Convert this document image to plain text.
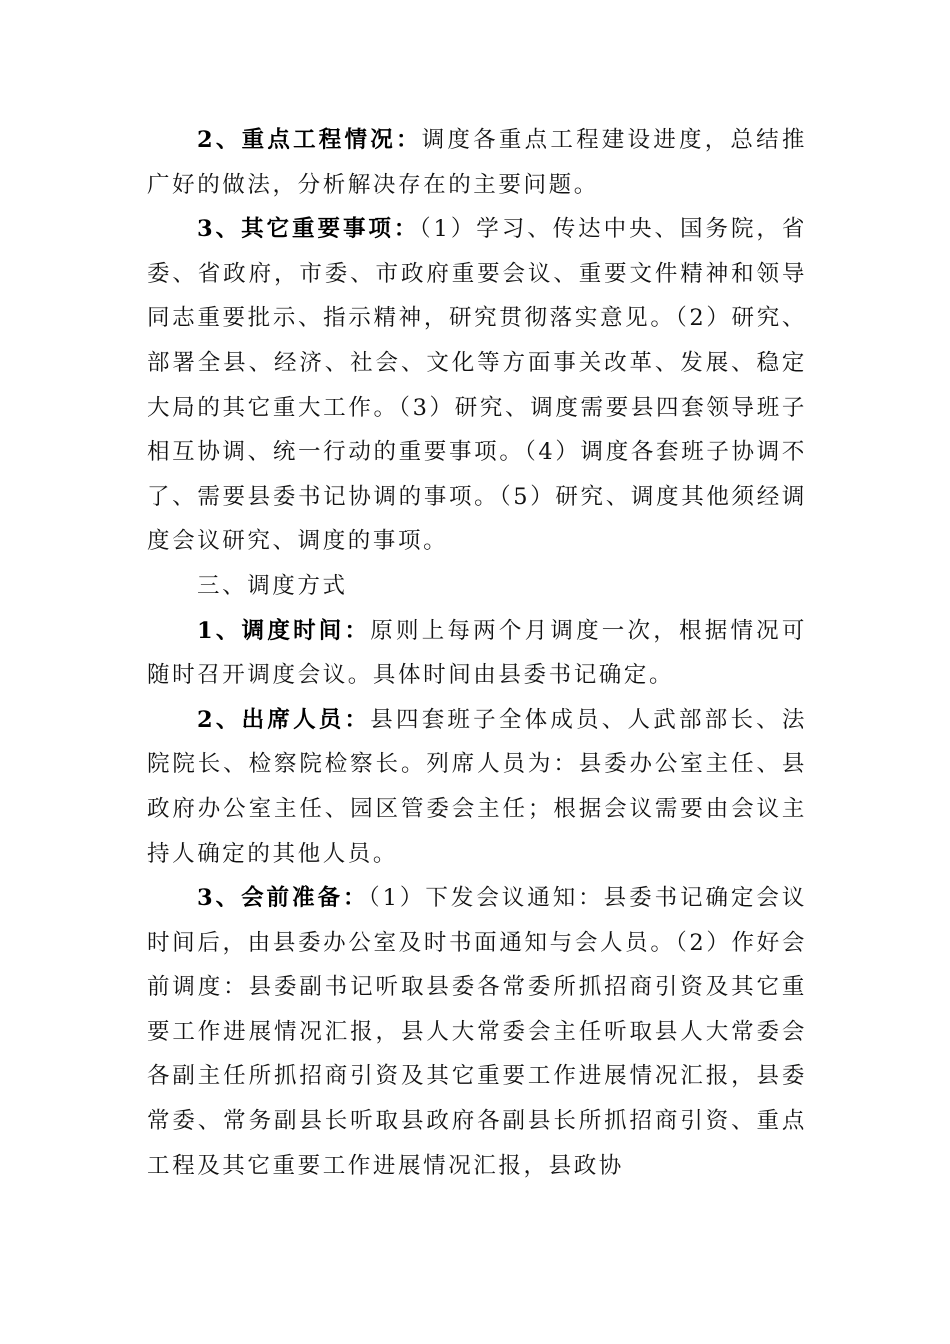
2、重点工程情况：调度各重点工程建设进度，总结推广好的做法，分析解决存在的主要问题。

3、其它重要事项：（1）学习、传达中央、国务院，省委、省政府，市委、市政府重要会议、重要文件精神和领导同志重要批示、指示精神，研究贯彻落实意见。（2）研究、部署全县、经济、社会、文化等方面事关改革、发展、稳定大局的其它重大工作。（3）研究、调度需要县四套领导班子相互协调、统一行动的重要事项。（4）调度各套班子协调不了、需要县委书记协调的事项。（5）研究、调度其他须经调度会议研究、调度的事项。

三、调度方式

1、调度时间：原则上每两个月调度一次，根据情况可随时召开调度会议。具体时间由县委书记确定。

2、出席人员：县四套班子全体成员、人武部部长、法院院长、检察院检察长。列席人员为：县委办公室主任、县政府办公室主任、园区管委会主任；根据会议需要由会议主持人确定的其他人员。

3、会前准备：（1）下发会议通知：县委书记确定会议时间后，由县委办公室及时书面通知与会人员。（2）作好会前调度：县委副书记听取县委各常委所抓招商引资及其它重要工作进展情况汇报，县人大常委会主任听取县人大常委会各副主任所抓招商引资及其它重要工作进展情况汇报，县委常委、常务副县长听取县政府各副县长所抓招商引资、重点工程及其它重要工作进展情况汇报，县政协
